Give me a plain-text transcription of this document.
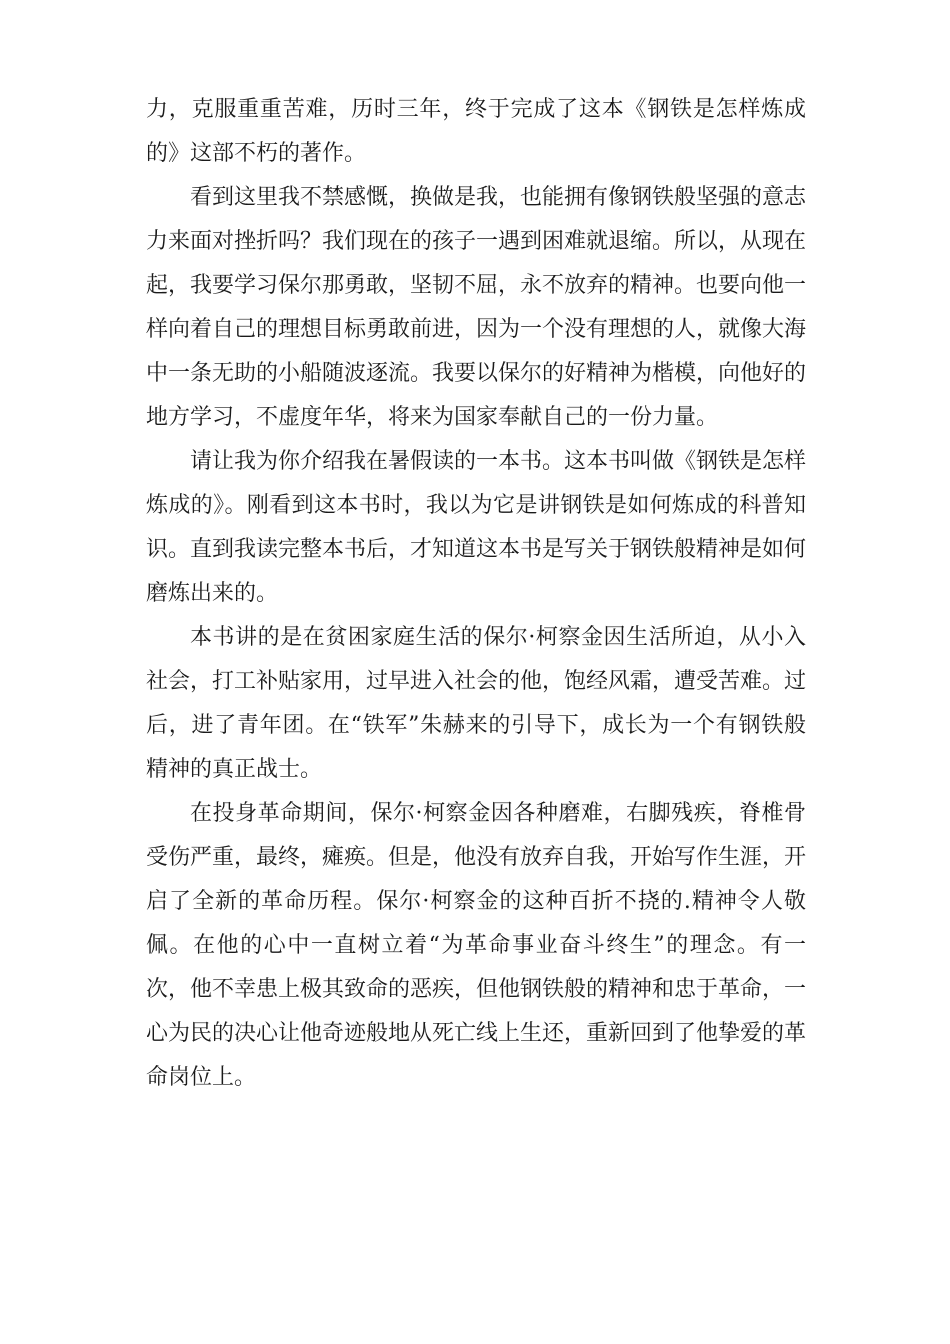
力，克服重重苦难，历时三年，终于完成了这本《钢铁是怎样炼成的》这部不朽的著作。

看到这里我不禁感慨，换做是我，也能拥有像钢铁般坚强的意志力来面对挫折吗？我们现在的孩子一遇到困难就退缩。所以，从现在起，我要学习保尔那勇敢，坚韧不屈，永不放弃的精神。也要向他一样向着自己的理想目标勇敢前进，因为一个没有理想的人，就像大海中一条无助的小船随波逐流。我要以保尔的好精神为楷模，向他好的地方学习，不虚度年华，将来为国家奉献自己的一份力量。

请让我为你介绍我在暑假读的一本书。这本书叫做《钢铁是怎样炼成的》。刚看到这本书时，我以为它是讲钢铁是如何炼成的科普知识。直到我读完整本书后，才知道这本书是写关于钢铁般精神是如何磨炼出来的。

本书讲的是在贫困家庭生活的保尔·柯察金因生活所迫，从小入社会，打工补贴家用，过早进入社会的他，饱经风霜，遭受苦难。过后，进了青年团。在“铁军”朱赫来的引导下，成长为一个有钢铁般精神的真正战士。

在投身革命期间，保尔·柯察金因各种磨难，右脚残疾，脊椎骨受伤严重，最终，瘫痪。但是，他没有放弃自我，开始写作生涯，开启了全新的革命历程。保尔·柯察金的这种百折不挠的.精神令人敬佩。在他的心中一直树立着“为革命事业奋斗终生”的理念。有一次，他不幸患上极其致命的恶疾，但他钢铁般的精神和忠于革命，一心为民的决心让他奇迹般地从死亡线上生还，重新回到了他挚爱的革命岗位上。
